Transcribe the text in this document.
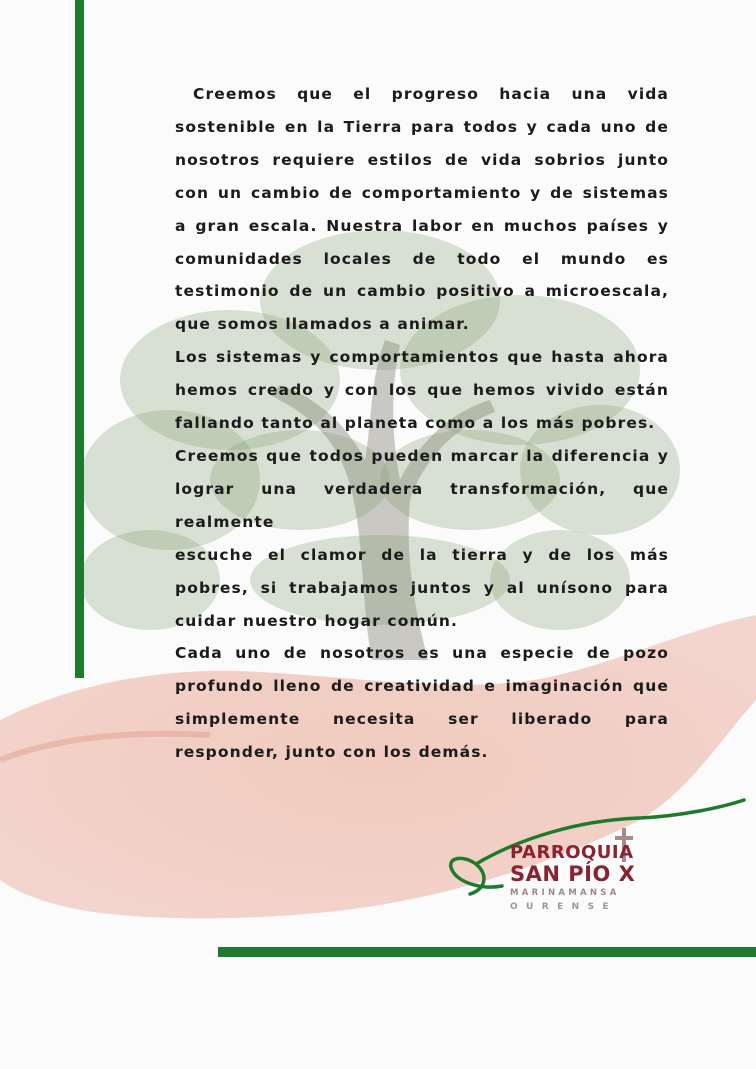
Creemos que el progreso hacia una vida sostenible en la Tierra para todos y cada uno de nosotros requiere estilos de vida sobrios junto con un cambio de comportamiento y de sistemas a gran escala. Nuestra labor en muchos países y comunidades locales de todo el mundo es testimonio de un cambio positivo a microescala, que somos llamados a animar.

Los sistemas y comportamientos que hasta ahora hemos creado y con los que hemos vivido están fallando tanto al planeta como a los más pobres.

Creemos que todos pueden marcar la diferencia y lograr una verdadera transformación, que

realmente

escuche el clamor de la tierra y de los más pobres, si trabajamos juntos y al unísono para cuidar nuestro hogar común.

Cada uno de nosotros es una especie de pozo profundo lleno de creatividad e imaginación que simplemente necesita ser liberado para responder, junto con los demás.

PARROQUIA
SAN PÍO X
MARINAMANSA
OURENSE
